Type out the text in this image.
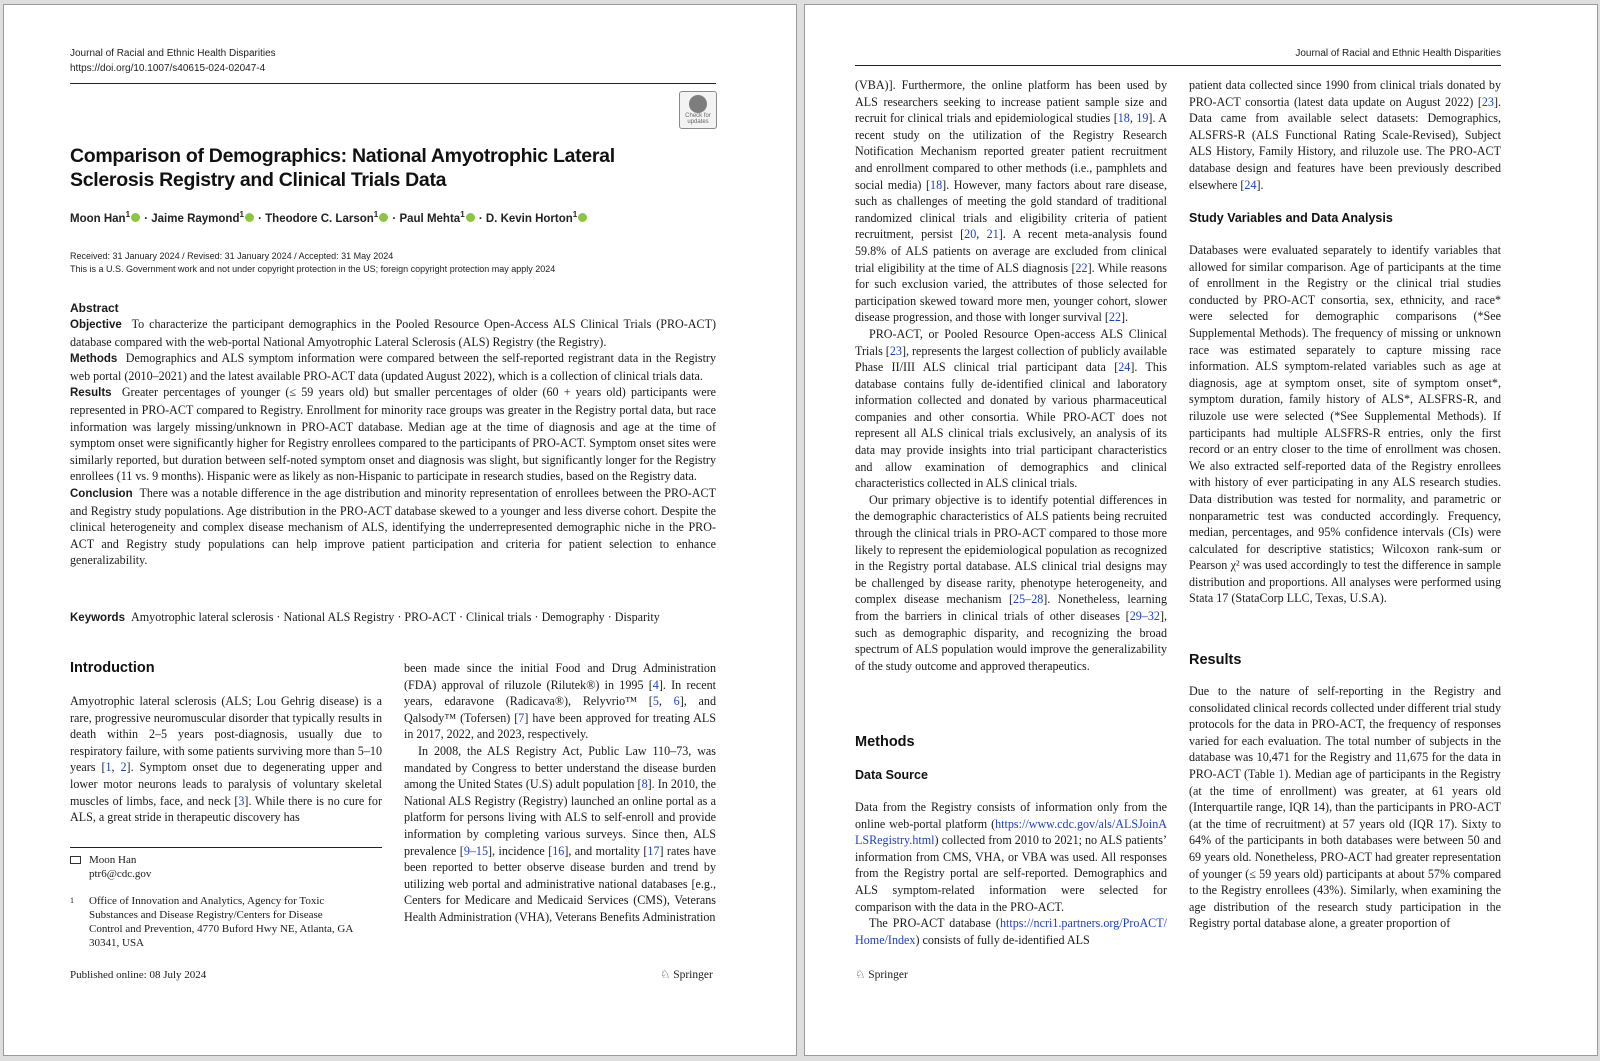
Journal of Racial and Ethnic Health Disparities
https://doi.org/10.1007/s40615-024-02047-4
Check for updates
Comparison of Demographics: National Amyotrophic Lateral Sclerosis Registry and Clinical Trials Data
Moon Han$^1$ · Jaime Raymond$^1$ · Theodore C. Larson$^1$ · Paul Mehta$^1$ · D. Kevin Horton$^1$
Received: 31 January 2024 / Revised: 31 January 2024 / Accepted: 31 May 2024
This is a U.S. Government work and not under copyright protection in the US; foreign copyright protection may apply 2024
Abstract

Objective To characterize the participant demographics in the Pooled Resource Open-Access ALS Clinical Trials (PRO-ACT) database compared with the web-portal National Amyotrophic Lateral Sclerosis (ALS) Registry (the Registry).

Methods Demographics and ALS symptom information were compared between the self-reported registrant data in the Registry web portal (2010–2021) and the latest available PRO-ACT data (updated August 2022), which is a collection of clinical trials data.

Results Greater percentages of younger (≤ 59 years old) but smaller percentages of older (60 + years old) participants were represented in PRO-ACT compared to Registry. Enrollment for minority race groups was greater in the Registry portal data, but race information was largely missing/unknown in PRO-ACT database. Median age at the time of diagnosis and age at the time of symptom onset were significantly higher for Registry enrollees compared to the participants of PRO-ACT. Symptom onset sites were similarly reported, but duration between self-noted symptom onset and diagnosis was slight, but significantly longer for the Registry enrollees (11 vs. 9 months). Hispanic were as likely as non-Hispanic to participate in research studies, based on the Registry data.

Conclusion There was a notable difference in the age distribution and minority representation of enrollees between the PRO-ACT and Registry study populations. Age distribution in the PRO-ACT database skewed to a younger and less diverse cohort. Despite the clinical heterogeneity and complex disease mechanism of ALS, identifying the underrepresented demographic niche in the PRO-ACT and Registry study populations can help improve patient participation and criteria for patient selection to enhance generalizability.

Keywords Amyotrophic lateral sclerosis · National ALS Registry · PRO-ACT · Clinical trials · Demography · Disparity
Introduction

Amyotrophic lateral sclerosis (ALS; Lou Gehrig disease) is a rare, progressive neuromuscular disorder that typically results in death within 2–5 years post-diagnosis, usually due to respiratory failure, with some patients surviving more than 5–10 years [1, 2]. Symptom onset due to degenerating upper and lower motor neurons leads to paralysis of voluntary skeletal muscles of limbs, face, and neck [3]. While there is no cure for ALS, a great stride in therapeutic discovery has

Moon Han
ptr6@cdc.gov
1	Office of Innovation and Analytics, Agency for Toxic Substances and Disease Registry/Centers for Disease Control and Prevention, 4770 Buford Hwy NE, Atlanta, GA 30341, USA

been made since the initial Food and Drug Administration (FDA) approval of riluzole (Rilutek®) in 1995 [4]. In recent years, edaravone (Radicava®), Relyvrio™ [5, 6], and Qalsody™ (Tofersen) [7] have been approved for treating ALS in 2017, 2022, and 2023, respectively.

In 2008, the ALS Registry Act, Public Law 110–73, was mandated by Congress to better understand the disease burden among the United States (U.S) adult population [8]. In 2010, the National ALS Registry (Registry) launched an online portal as a platform for persons living with ALS to self-enroll and provide information by completing various surveys. Since then, ALS prevalence [9–15], incidence [16], and mortality [17] rates have been reported to better observe disease burden and trend by utilizing web portal and administrative national databases [e.g., Centers for Medicare and Medicaid Services (CMS), Veterans Health Administration (VHA), Veterans Benefits Administration

Published online: 08 July 2024	♘ Springer
Journal of Racial and Ethnic Health Disparities

(VBA)]. Furthermore, the online platform has been used by ALS researchers seeking to increase patient sample size and recruit for clinical trials and epidemiological studies [18, 19]. A recent study on the utilization of the Registry Research Notification Mechanism reported greater patient recruitment and enrollment compared to other methods (i.e., pamphlets and social media) [18]. However, many factors about rare disease, such as challenges of meeting the gold standard of traditional randomized clinical trials and eligibility criteria of patient recruitment, persist [20, 21]. A recent meta-analysis found 59.8% of ALS patients on average are excluded from clinical trial eligibility at the time of ALS diagnosis [22]. While reasons for such exclusion varied, the attributes of those selected for participation skewed toward more men, younger cohort, slower disease progression, and those with longer survival [22].

PRO-ACT, or Pooled Resource Open-access ALS Clinical Trials [23], represents the largest collection of publicly available Phase II/III ALS clinical trial participant data [24]. This database contains fully de-identified clinical and laboratory information collected and donated by various pharmaceutical companies and other consortia. While PRO-ACT does not represent all ALS clinical trials exclusively, an analysis of its data may provide insights into trial participant characteristics and allow examination of demographics and clinical characteristics collected in ALS clinical trials.

Our primary objective is to identify potential differences in the demographic characteristics of ALS patients being recruited through the clinical trials in PRO-ACT compared to those more likely to represent the epidemiological population as recognized in the Registry portal database. ALS clinical trial designs may be challenged by disease rarity, phenotype heterogeneity, and complex disease mechanism [25–28]. Nonetheless, learning from the barriers in clinical trials of other diseases [29–32], such as demographic disparity, and recognizing the broad spectrum of ALS population would improve the generalizability of the study outcome and approved therapeutics.

Methods
Data Source

Data from the Registry consists of information only from the online web-portal platform (https://www.cdc.gov/als/ALSJoinALSRegistry.html) collected from 2010 to 2021; no ALS patients’ information from CMS, VHA, or VBA was used. All responses from the Registry portal are self-reported. Demographics and ALS symptom-related information were selected for comparison with the data in the PRO-ACT.

The PRO-ACT database (https://ncri1.partners.org/ProACT/Home/Index) consists of fully de-identified ALS

patient data collected since 1990 from clinical trials donated by PRO-ACT consortia (latest data update on August 2022) [23]. Data came from available select datasets: Demographics, ALSFRS-R (ALS Functional Rating Scale-Revised), Subject ALS History, Family History, and riluzole use. The PRO-ACT database design and features have been previously described elsewhere [24].

Study Variables and Data Analysis

Databases were evaluated separately to identify variables that allowed for similar comparison. Age of participants at the time of enrollment in the Registry or the clinical trial studies conducted by PRO-ACT consortia, sex, ethnicity, and race* were selected for demographic comparisons (*See Supplemental Methods). The frequency of missing or unknown race was estimated separately to capture missing race information. ALS symptom-related variables such as age at diagnosis, age at symptom onset, site of symptom onset*, symptom duration, family history of ALS*, ALSFRS-R, and riluzole use were selected (*See Supplemental Methods). If participants had multiple ALSFRS-R entries, only the first record or an entry closer to the time of enrollment was chosen. We also extracted self-reported data of the Registry enrollees with history of ever participating in any ALS research studies. Data distribution was tested for normality, and parametric or nonparametric test was conducted accordingly. Frequency, median, percentages, and 95% confidence intervals (CIs) were calculated for descriptive statistics; Wilcoxon rank-sum or Pearson χ² was used accordingly to test the difference in sample distribution and proportions. All analyses were performed using Stata 17 (StataCorp LLC, Texas, U.S.A).

Results

Due to the nature of self-reporting in the Registry and consolidated clinical records collected under different trial study protocols for the data in PRO-ACT, the frequency of responses varied for each evaluation. The total number of subjects in the database was 10,471 for the Registry and 11,675 for the data in PRO-ACT (Table 1). Median age of participants in the Registry (at the time of enrollment) was greater, at 61 years old (Interquartile range, IQR 14), than the participants in PRO-ACT (at the time of recruitment) at 57 years old (IQR 17). Sixty to 64% of the participants in both databases were between 50 and 69 years old. Nonetheless, PRO-ACT had greater representation of younger (≤ 59 years old) participants at about 57% compared to the Registry enrollees (43%). Similarly, when examining the age distribution of the research study participation in the Registry portal database alone, a greater proportion of

♘ Springer
